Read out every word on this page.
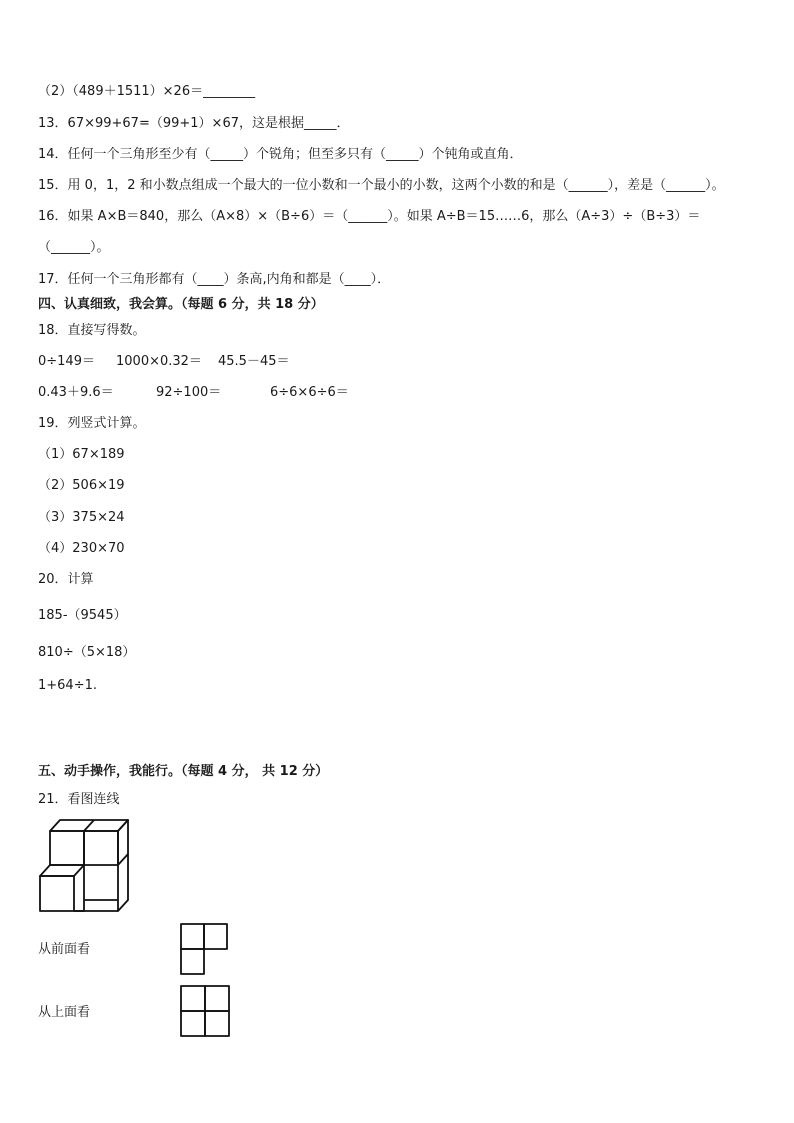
（2）（489＋1511）×26＝________
13．67×99+67=（99+1）×67，这是根据_____．
14．任何一个三角形至少有（_____）个锐角；但至多只有（_____）个钝角或直角．
15．用 0，1，2 和小数点组成一个最大的一位小数和一个最小的小数，这两个小数的和是（______），差是（______）。
16．如果 A×B＝840，那么（A×8）×（B÷6）＝（______）。如果 A÷B＝15……6，那么（A÷3）÷（B÷3）＝
（______）。
17．任何一个三角形都有（____）条高,内角和都是（____）．
四、认真细致，我会算。（每题 6 分，共 18 分）
18．直接写得数。
0÷149＝ 1000×0.32＝ 45.5－45＝
0.43＋9.6＝	92÷100＝	6÷6×6÷6＝
19．列竖式计算。
（1）67×189
（2）506×19
（3）375×24
（4）230×70
20．计算
185-（9545）
810÷（5×18）
1+64÷1.
五、动手操作，我能行。（每题 4 分， 共 12 分）
21．看图连线
从前面看
从上面看
